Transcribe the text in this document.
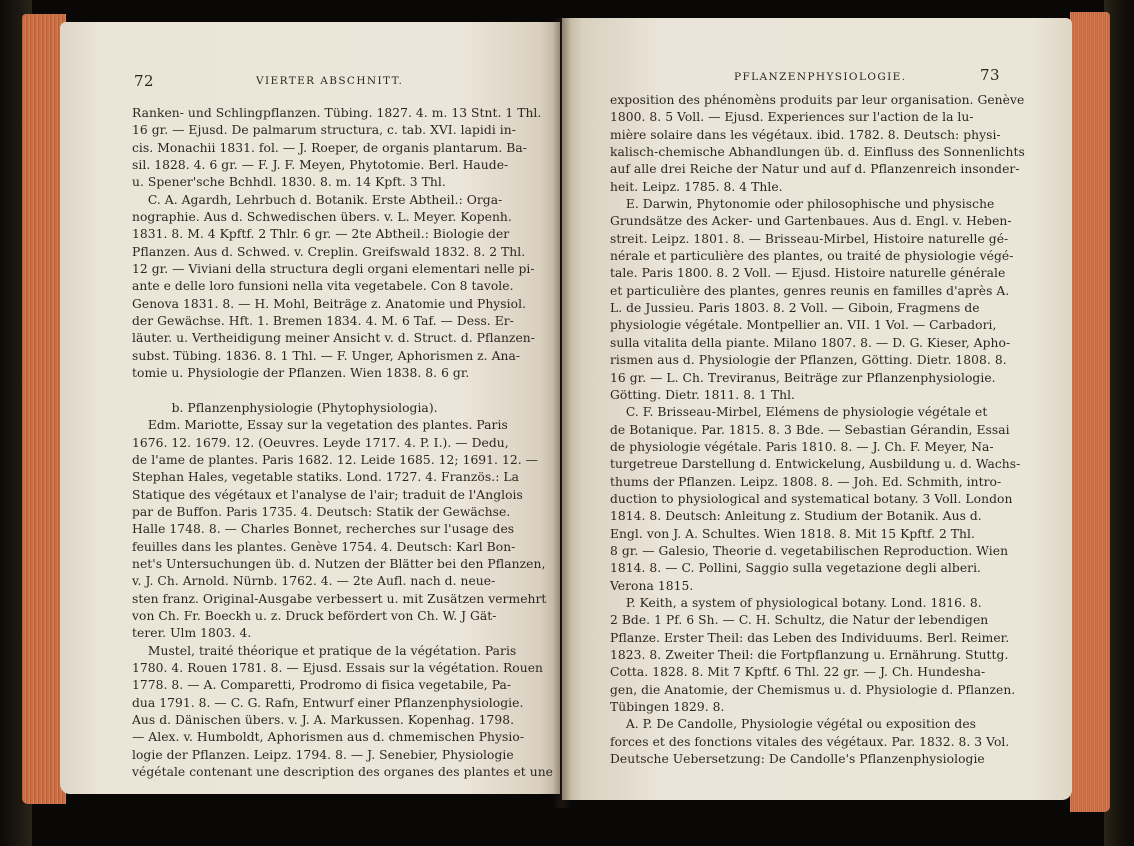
72	VIERTER ABSCHNITT.
Ranken- und Schlingpflanzen. Tübing. 1827. 4. m. 13 Stnt. 1 Thl.
16 gr. — Ejusd. De palmarum structura, c. tab. XVI. lapidi in-
cis. Monachii 1831. fol. — J. Roeper, de organis plantarum. Ba-
sil. 1828. 4. 6 gr. — F. J. F. Meyen, Phytotomie. Berl. Haude-
u. Spener'sche Bchhdl. 1830. 8. m. 14 Kpft. 3 Thl.
C. A. Agardh, Lehrbuch d. Botanik. Erste Abtheil.: Orga-
nographie. Aus d. Schwedischen übers. v. L. Meyer. Kopenh.
1831. 8. M. 4 Kpftf. 2 Thlr. 6 gr. — 2te Abtheil.: Biologie der
Pflanzen. Aus d. Schwed. v. Creplin. Greifswald 1832. 8. 2 Thl.
12 gr. — Viviani della structura degli organi elementari nelle pi-
ante e delle loro funsioni nella vita vegetabele. Con 8 tavole.
Genova 1831. 8. — H. Mohl, Beiträge z. Anatomie und Physiol.
der Gewächse. Hft. 1. Bremen 1834. 4. M. 6 Taf. — Dess. Er-
läuter. u. Vertheidigung meiner Ansicht v. d. Struct. d. Pflanzen-
subst. Tübing. 1836. 8. 1 Thl. — F. Unger, Aphorismen z. Ana-
tomie u. Physiologie der Pflanzen. Wien 1838. 8. 6 gr.
b. Pflanzenphysiologie (Phytophysiologia).
Edm. Mariotte, Essay sur la vegetation des plantes. Paris
1676. 12. 1679. 12. (Oeuvres. Leyde 1717. 4. P. I.). — Dedu,
de l'ame de plantes. Paris 1682. 12. Leide 1685. 12; 1691. 12. —
Stephan Hales, vegetable statiks. Lond. 1727. 4. Französ.: La
Statique des végétaux et l'analyse de l'air; traduit de l'Anglois
par de Buffon. Paris 1735. 4. Deutsch: Statik der Gewächse.
Halle 1748. 8. — Charles Bonnet, recherches sur l'usage des
feuilles dans les plantes. Genève 1754. 4. Deutsch: Karl Bon-
net's Untersuchungen üb. d. Nutzen der Blätter bei den Pflanzen,
v. J. Ch. Arnold. Nürnb. 1762. 4. — 2te Aufl. nach d. neue-
sten franz. Original-Ausgabe verbessert u. mit Zusätzen vermehrt
von Ch. Fr. Boeckh u. z. Druck befördert von Ch. W. J Gät-
terer. Ulm 1803. 4.
Mustel, traité théorique et pratique de la végétation. Paris
1780. 4. Rouen 1781. 8. — Ejusd. Essais sur la végétation. Rouen
1778. 8. — A. Comparetti, Prodromo di fisica vegetabile, Pa-
dua 1791. 8. — C. G. Rafn, Entwurf einer Pflanzenphysiologie.
Aus d. Dänischen übers. v. J. A. Markussen. Kopenhag. 1798.
— Alex. v. Humboldt, Aphorismen aus d. chmemischen Physio-
logie der Pflanzen. Leipz. 1794. 8. — J. Senebier, Physiologie
végétale contenant une description des organes des plantes et une
73
PFLANZENPHYSIOLOGIE.
exposition des phénomèns produits par leur organisation. Genève
1800. 8. 5 Voll. — Ejusd. Experiences sur l'action de la lu-
mière solaire dans les végétaux. ibid. 1782. 8. Deutsch: physi-
kalisch-chemische Abhandlungen üb. d. Einfluss des Sonnenlichts
auf alle drei Reiche der Natur und auf d. Pflanzenreich insonder-
heit. Leipz. 1785. 8. 4 Thle.
E. Darwin, Phytonomie oder philosophische und physische
Grundsätze des Acker- und Gartenbaues. Aus d. Engl. v. Heben-
streit. Leipz. 1801. 8. — Brisseau-Mirbel, Histoire naturelle gé-
nérale et particulière des plantes, ou traité de physiologie végé-
tale. Paris 1800. 8. 2 Voll. — Ejusd. Histoire naturelle générale
et particulière des plantes, genres reunis en familles d'après A.
L. de Jussieu. Paris 1803. 8. 2 Voll. — Giboin, Fragmens de
physiologie végétale. Montpellier an. VII. 1 Vol. — Carbadori,
sulla vitalita della piante. Milano 1807. 8. — D. G. Kieser, Apho-
rismen aus d. Physiologie der Pflanzen, Götting. Dietr. 1808. 8.
16 gr. — L. Ch. Treviranus, Beiträge zur Pflanzenphysiologie.
Götting. Dietr. 1811. 8. 1 Thl.
C. F. Brisseau-Mirbel, Elémens de physiologie végétale et
de Botanique. Par. 1815. 8. 3 Bde. — Sebastian Gérandin, Essai
de physiologie végétale. Paris 1810. 8. — J. Ch. F. Meyer, Na-
turgetreue Darstellung d. Entwickelung, Ausbildung u. d. Wachs-
thums der Pflanzen. Leipz. 1808. 8. — Joh. Ed. Schmith, intro-
duction to physiological and systematical botany. 3 Voll. London
1814. 8. Deutsch: Anleitung z. Studium der Botanik. Aus d.
Engl. von J. A. Schultes. Wien 1818. 8. Mit 15 Kpftf. 2 Thl.
8 gr. — Galesio, Theorie d. vegetabilischen Reproduction. Wien
1814. 8. — C. Pollini, Saggio sulla vegetazione degli alberi.
Verona 1815.
P. Keith, a system of physiological botany. Lond. 1816. 8.
2 Bde. 1 Pf. 6 Sh. — C. H. Schultz, die Natur der lebendigen
Pflanze. Erster Theil: das Leben des Individuums. Berl. Reimer.
1823. 8. Zweiter Theil: die Fortpflanzung u. Ernährung. Stuttg.
Cotta. 1828. 8. Mit 7 Kpftf. 6 Thl. 22 gr. — J. Ch. Hundesha-
gen, die Anatomie, der Chemismus u. d. Physiologie d. Pflanzen.
Tübingen 1829. 8.
A. P. De Candolle, Physiologie végétal ou exposition des
forces et des fonctions vitales des végétaux. Par. 1832. 8. 3 Vol.
Deutsche Uebersetzung: De Candolle's Pflanzenphysiologie
